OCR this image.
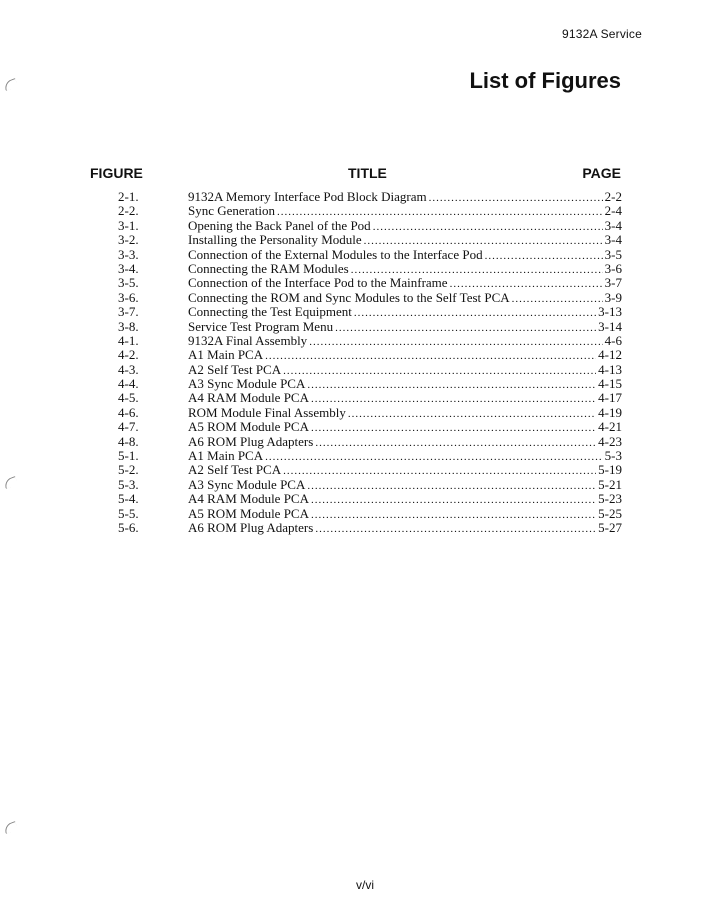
9132A Service
List of Figures
FIGURE	TITLE	PAGE
2-1.	9132A Memory Interface Pod Block Diagram .....	2-2
2-2.	Sync Generation .....	2-4
3-1.	Opening the Back Panel of the Pod .....	3-4
3-2.	Installing the Personality Module .....	3-4
3-3.	Connection of the External Modules to the Interface Pod .....	3-5
3-4.	Connecting the RAM Modules .....	3-6
3-5.	Connection of the Interface Pod to the Mainframe .....	3-7
3-6.	Connecting the ROM and Sync Modules to the Self Test PCA .....	3-9
3-7.	Connecting the Test Equipment .....	3-13
3-8.	Service Test Program Menu .....	3-14
4-1.	9132A Final Assembly .....	4-6
4-2.	A1 Main PCA .....	4-12
4-3.	A2 Self Test PCA .....	4-13
4-4.	A3 Sync Module PCA .....	4-15
4-5.	A4 RAM Module PCA .....	4-17
4-6.	ROM Module Final Assembly .....	4-19
4-7.	A5 ROM Module PCA .....	4-21
4-8.	A6 ROM Plug Adapters .....	4-23
5-1.	A1 Main PCA .....	5-3
5-2.	A2 Self Test PCA .....	5-19
5-3.	A3 Sync Module PCA .....	5-21
5-4.	A4 RAM Module PCA .....	5-23
5-5.	A5 ROM Module PCA .....	5-25
5-6.	A6 ROM Plug Adapters .....	5-27
v/vi
